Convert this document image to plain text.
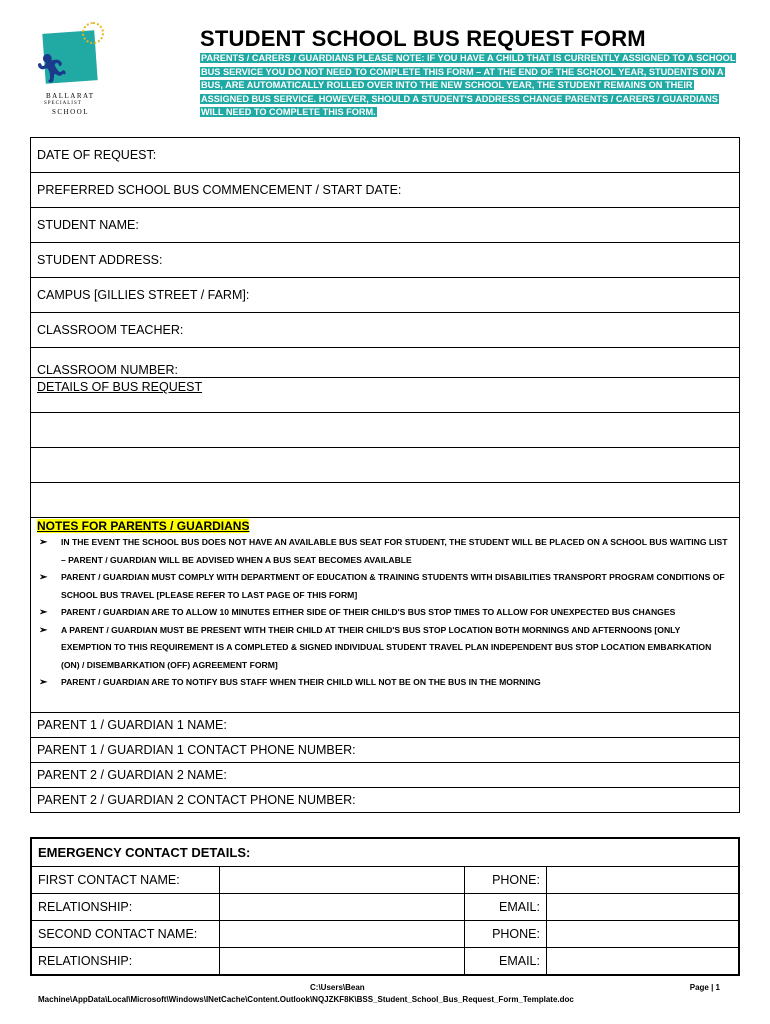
🏃︎
BALLARAT
SPECIALIST
SCHOOL
STUDENT SCHOOL BUS REQUEST FORM
PARENTS / CARERS / GUARDIANS PLEASE NOTE: IF YOU HAVE A CHILD THAT IS CURRENTLY ASSIGNED TO A SCHOOL BUS SERVICE YOU DO NOT NEED TO COMPLETE THIS FORM – AT THE END OF THE SCHOOL YEAR, STUDENTS ON A BUS, ARE AUTOMATICALLY ROLLED OVER INTO THE NEW SCHOOL YEAR, THE STUDENT REMAINS ON THEIR ASSIGNED BUS SERVICE. HOWEVER, SHOULD A STUDENT'S ADDRESS CHANGE PARENTS / CARERS / GUARDIANS WILL NEED TO COMPLETE THIS FORM.
DATE OF REQUEST:
PREFERRED SCHOOL BUS COMMENCEMENT / START DATE:
STUDENT NAME:
STUDENT ADDRESS:
CAMPUS [GILLIES STREET / FARM]:
CLASSROOM TEACHER:
CLASSROOM NUMBER:
DETAILS OF BUS REQUEST
NOTES FOR PARENTS / GUARDIANS
➢ IN THE EVENT THE SCHOOL BUS DOES NOT HAVE AN AVAILABLE BUS SEAT FOR STUDENT, THE STUDENT WILL BE PLACED ON A SCHOOL BUS WAITING LIST – PARENT / GUARDIAN WILL BE ADVISED WHEN A BUS SEAT BECOMES AVAILABLE
➢ PARENT / GUARDIAN MUST COMPLY WITH DEPARTMENT OF EDUCATION & TRAINING STUDENTS WITH DISABILITIES TRANSPORT PROGRAM CONDITIONS OF SCHOOL BUS TRAVEL [PLEASE REFER TO LAST PAGE OF THIS FORM]
➢ PARENT / GUARDIAN ARE TO ALLOW 10 MINUTES EITHER SIDE OF THEIR CHILD'S BUS STOP TIMES TO ALLOW FOR UNEXPECTED BUS CHANGES
➢ A PARENT / GUARDIAN MUST BE PRESENT WITH THEIR CHILD AT THEIR CHILD'S BUS STOP LOCATION BOTH MORNINGS AND AFTERNOONS [ONLY EXEMPTION TO THIS REQUIREMENT IS A COMPLETED & SIGNED INDIVIDUAL STUDENT TRAVEL PLAN INDEPENDENT BUS STOP LOCATION EMBARKATION (ON) / DISEMBARKATION (OFF) AGREEMENT FORM]
➢ PARENT / GUARDIAN ARE TO NOTIFY BUS STAFF WHEN THEIR CHILD WILL NOT BE ON THE BUS IN THE MORNING
PARENT 1 / GUARDIAN 1 NAME:
PARENT 1 / GUARDIAN 1 CONTACT PHONE NUMBER:
PARENT 2 / GUARDIAN 2 NAME:
PARENT 2 / GUARDIAN 2 CONTACT PHONE NUMBER:
EMERGENCY CONTACT DETAILS:			
FIRST CONTACT NAME:		PHONE:	
RELATIONSHIP:		EMAIL:	
SECOND CONTACT NAME:		PHONE:	
RELATIONSHIP:		EMAIL:	
C:\Users\Bean
Machine\AppData\Local\Microsoft\Windows\INetCache\Content.Outlook\NQJZKF8K\BSS_Student_School_Bus_Request_Form_Template.doc
Page | 1
